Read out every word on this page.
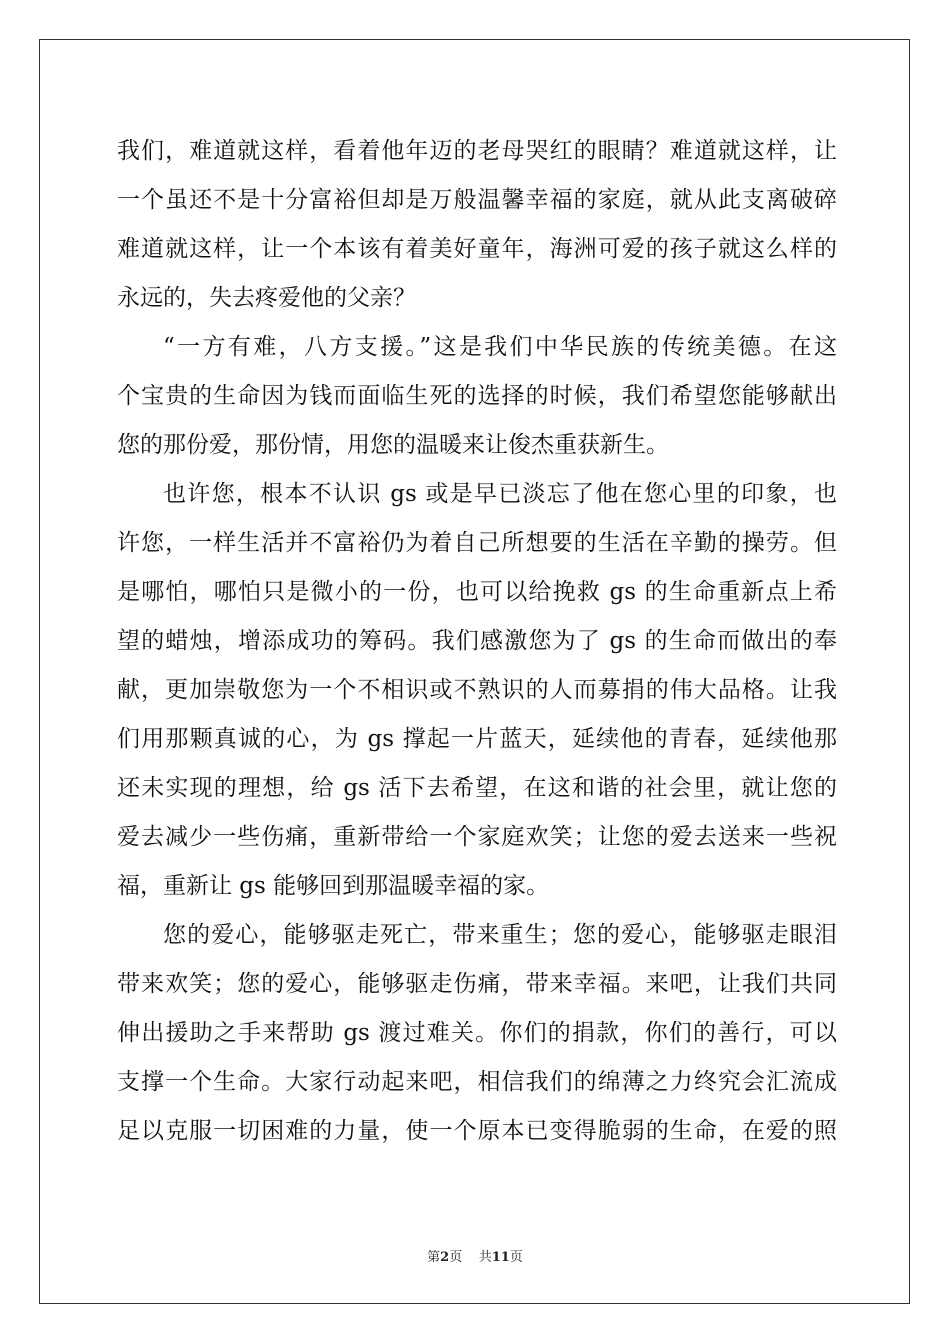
我们，难道就这样，看着他年迈的老母哭红的眼睛？难道就这样，让
一个虽还不是十分富裕但却是万般温馨幸福的家庭，就从此支离破碎
难道就这样，让一个本该有着美好童年，海洲可爱的孩子就这么样的
永远的，失去疼爱他的父亲？
“一方有难，八方支援。”这是我们中华民族的传统美德。在这
个宝贵的生命因为钱而面临生死的选择的时候，我们希望您能够献出
您的那份爱，那份情，用您的温暖来让俊杰重获新生。
也许您，根本不认识 gs 或是早已淡忘了他在您心里的印象，也
许您，一样生活并不富裕仍为着自己所想要的生活在辛勤的操劳。但
是哪怕，哪怕只是微小的一份，也可以给挽救 gs 的生命重新点上希
望的蜡烛，增添成功的筹码。我们感激您为了 gs 的生命而做出的奉
献，更加崇敬您为一个不相识或不熟识的人而募捐的伟大品格。让我
们用那颗真诚的心，为 gs 撑起一片蓝天，延续他的青春，延续他那
还未实现的理想，给 gs 活下去希望，在这和谐的社会里，就让您的
爱去减少一些伤痛，重新带给一个家庭欢笑；让您的爱去送来一些祝
福，重新让 gs 能够回到那温暖幸福的家。
您的爱心，能够驱走死亡，带来重生；您的爱心，能够驱走眼泪
带来欢笑；您的爱心，能够驱走伤痛，带来幸福。来吧，让我们共同
伸出援助之手来帮助 gs 渡过难关。你们的捐款，你们的善行，可以
支撑一个生命。大家行动起来吧，相信我们的绵薄之力终究会汇流成
足以克服一切困难的力量，使一个原本已变得脆弱的生命，在爱的照
第2页 共11页
